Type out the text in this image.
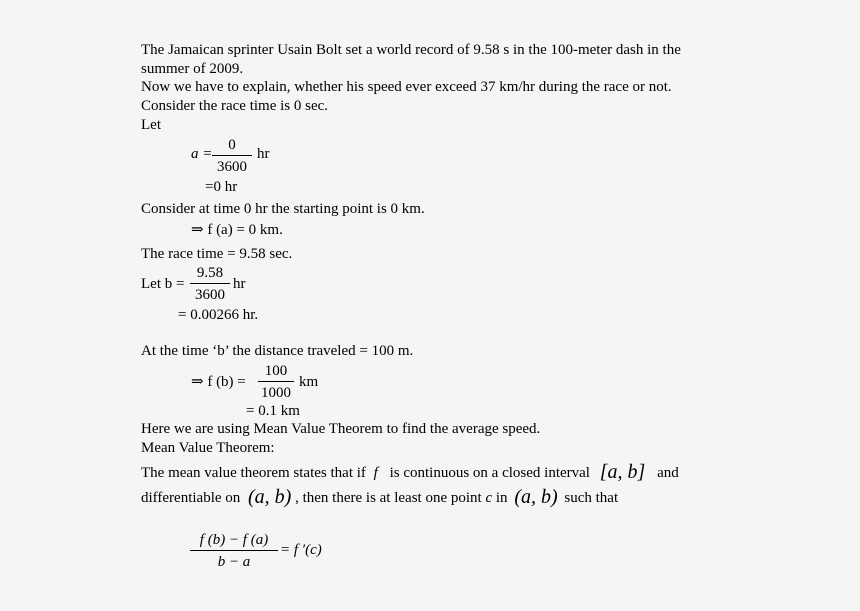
The Jamaican sprinter Usain Bolt set a world record of 9.58 s in the 100-meter dash in the
summer of 2009.
Now we have to explain, whether his speed ever exceed 37 km/hr during the race or not.
Consider the race time is 0 sec.
Let
a =
0
3600
hr
=0 hr
Consider at time 0 hr the starting point is 0 km.
⇒ f (a) = 0 km.
The race time = 9.58 sec.
Let b =
9.58
3600
hr
= 0.00266 hr.
At the time ‘b’ the distance traveled = 100 m.
⇒ f (b) =
100
1000
km
= 0.1 km
Here we are using Mean Value Theorem to find the average speed.
Mean Value Theorem:
The mean value theorem states that if f is continuous on a closed interval [a, b] and
differentiable on (a, b) , then there is at least one point c in (a, b) such that
f (b) − f (a)
b − a
= f ′(c)
